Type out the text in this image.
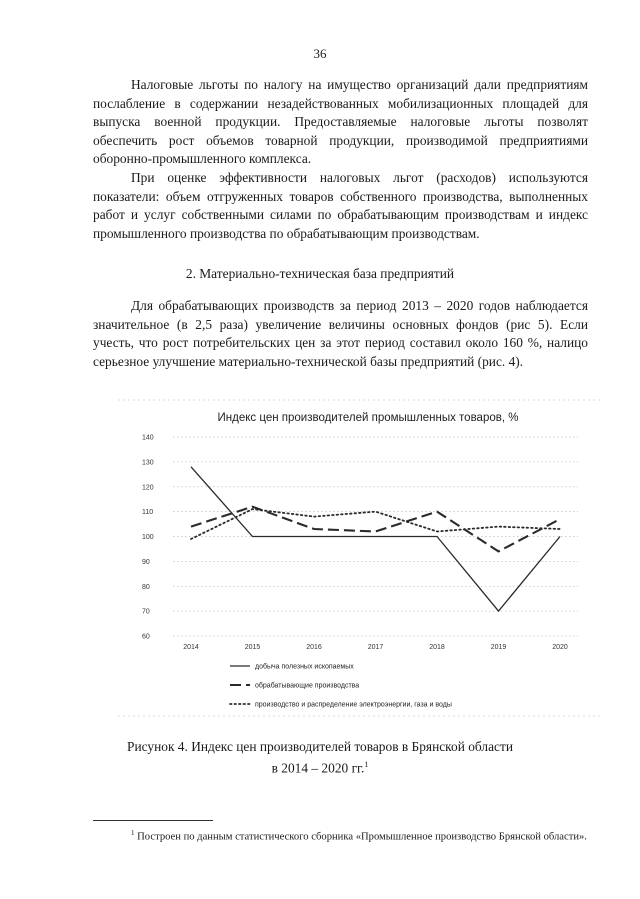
36

Налоговые льготы по налогу на имущество организаций дали предприятиям послабление в содержании незадействованных мобилизационных площадей для выпуска военной продукции. Предоставляемые налоговые льготы позволят обеспечить рост объемов товарной продукции, производимой предприятиями оборонно-промышленного комплекса.

При оценке эффективности налоговых льгот (расходов) используются показатели: объем отгруженных товаров собственного производства, выполненных работ и услуг собственными силами по обрабатывающим производствам и индекс промышленного производства по обрабатывающим производствам.

2. Материально-техническая база предприятий

Для обрабатывающих производств за период 2013 – 2020 годов наблюдается значительное (в 2,5 раза) увеличение величины основных фондов (рис 5). Если учесть, что рост потребительских цен за этот период составил около 160 %, налицо серьезное улучшение материально-технической базы предприятий (рис. 4).

Индекс цен производителей промышленных товаров, %
60
70
80
90
100
110
120
130
140
2014	2015	2016	2017	2018	2019	2020
добыча полезных ископаемых
обрабатывающие производства
производство и распределение электроэнергии, газа и воды
Рисунок 4. Индекс цен производителей товаров в Брянской области
в 2014 – 2020 гг.$^1$
$^1$ Построен по данным статистического сборника «Промышленное производство Брянской области».
